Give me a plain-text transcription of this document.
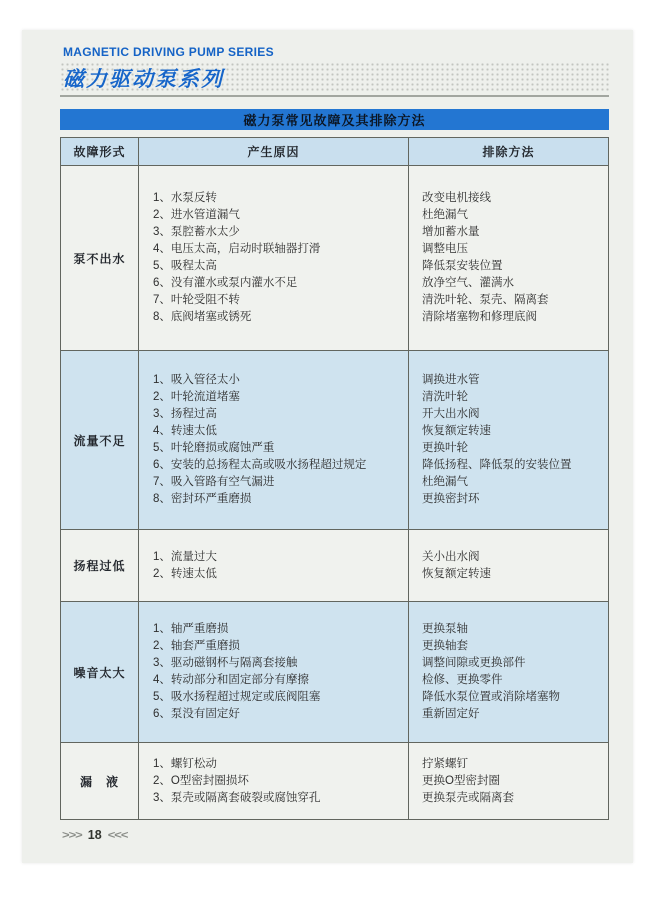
MAGNETIC DRIVING PUMP SERIES
磁力驱动泵系列
磁力泵常见故障及其排除方法
故障形式	产生原因	排除方法
泵不出水
1、水泵反转
2、进水管道漏气
3、泵腔蓄水太少
4、电压太高，启动时联轴器打滑
5、吸程太高
6、没有灌水或泵内灌水不足
7、叶轮受阻不转
8、底阀堵塞或锈死
改变电机接线
杜绝漏气
增加蓄水量
调整电压
降低泵安装位置
放净空气、灌满水
清洗叶轮、泵壳、隔离套
清除堵塞物和修理底阀
流量不足
1、吸入管径太小
2、叶轮流道堵塞
3、扬程过高
4、转速太低
5、叶轮磨损或腐蚀严重
6、安装的总扬程太高或吸水扬程超过规定
7、吸入管路有空气漏进
8、密封环严重磨损
调换进水管
清洗叶轮
开大出水阀
恢复额定转速
更换叶轮
降低扬程、降低泵的安装位置
杜绝漏气
更换密封环
扬程过低
1、流量过大
2、转速太低
关小出水阀
恢复额定转速
噪音太大
1、轴严重磨损
2、轴套严重磨损
3、驱动磁钢杯与隔离套接触
4、转动部分和固定部分有摩擦
5、吸水扬程超过规定或底阀阻塞
6、泵没有固定好
更换泵轴
更换轴套
调整间隙或更换部件
检修、更换零件
降低水泵位置或消除堵塞物
重新固定好
漏　液
1、螺钉松动
2、O型密封圈损坏
3、泵壳或隔离套破裂或腐蚀穿孔
拧紧螺钉
更换O型密封圈
更换泵壳或隔离套
>>> 18 <<<
